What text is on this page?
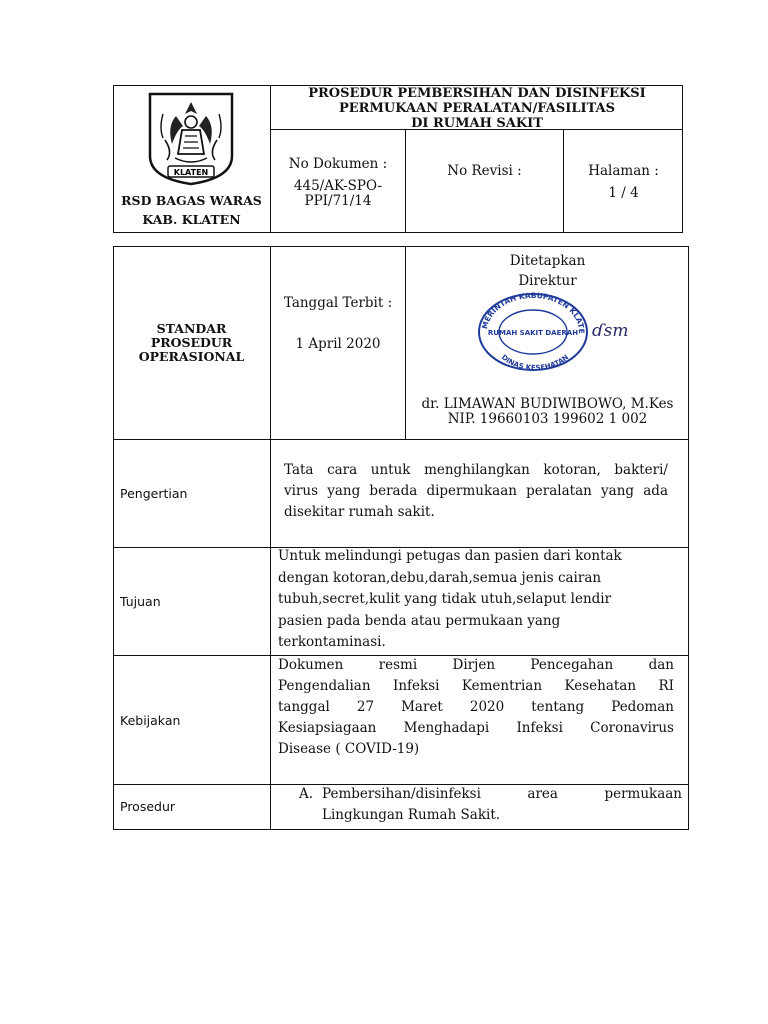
KLATEN
RSD BAGAS WARAS
KAB. KLATEN
PROSEDUR PEMBERSIHAN DAN DISINFEKSI
PERMUKAAN PERALATAN/FASILITAS
DI RUMAH SAKIT
No Dokumen :
445/AK-SPO-
PPI/71/14
No Revisi :	Halaman :
1 / 4
STANDAR
PROSEDUR
OPERASIONAL
Tanggal Terbit :
1 April 2020
Ditetapkan
Direktur
MERINTAH KABUPATEN KLATE
DINAS KESEHATAN
RUMAH SAKIT DAERAH ɗsm
dr. LIMAWAN BUDIWIBOWO, M.Kes
NIP. 19660103 199602 1 002
Pengertian
Tata cara untuk menghilangkan kotoran, bakteri/
virus yang berada dipermukaan peralatan yang ada
disekitar rumah sakit.
Tujuan
Untuk melindungi petugas dan pasien dari kontak
dengan kotoran,debu,darah,semua jenis cairan
tubuh,secret,kulit yang tidak utuh,selaput lendir
pasien pada benda atau permukaan yang
terkontaminasi.
Kebijakan
Dokumen resmi Dirjen Pencegahan dan
Pengendalian Infeksi Kementrian Kesehatan RI
tanggal 27 Maret 2020 tentang Pedoman
Kesiapsiagaan Menghadapi Infeksi Coronavirus
Disease ( COVID-19)
Prosedur
A. Pembersihan/disinfeksi area permukaan
Lingkungan Rumah Sakit.
